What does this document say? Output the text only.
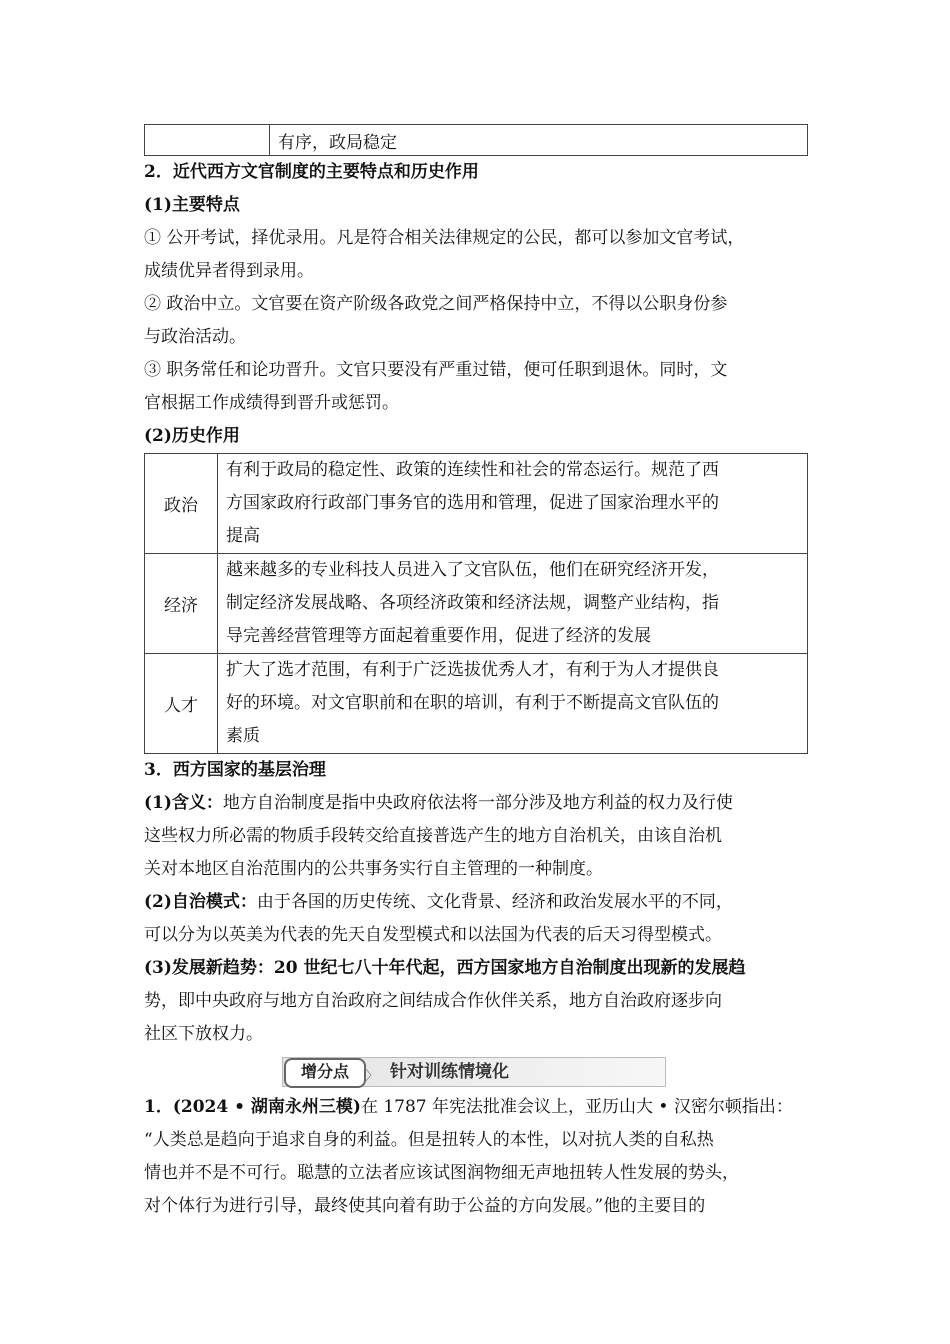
	有序，政局稳定
2．近代西方文官制度的主要特点和历史作用
(1)主要特点
① 公开考试，择优录用。凡是符合相关法律规定的公民，都可以参加文官考试，
成绩优异者得到录用。
② 政治中立。文官要在资产阶级各政党之间严格保持中立，不得以公职身份参
与政治活动。
③ 职务常任和论功晋升。文官只要没有严重过错，便可任职到退休。同时，文
官根据工作成绩得到晋升或惩罚。
(2)历史作用
政治	有利于政局的稳定性、政策的连续性和社会的常态运行。规范了西
方国家政府行政部门事务官的选用和管理，促进了国家治理水平的
提高

经济	越来越多的专业科技人员进入了文官队伍，他们在研究经济开发，
制定经济发展战略、各项经济政策和经济法规，调整产业结构，指
导完善经营管理等方面起着重要作用，促进了经济的发展

人才	扩大了选才范围，有利于广泛选拔优秀人才，有利于为人才提供良
好的环境。对文官职前和在职的培训，有利于不断提高文官队伍的
素质
3．西方国家的基层治理
(1)含义：地方自治制度是指中央政府依法将一部分涉及地方利益的权力及行使
这些权力所必需的物质手段转交给直接普选产生的地方自治机关，由该自治机
关对本地区自治范围内的公共事务实行自主管理的一种制度。
(2)自治模式：由于各国的历史传统、文化背景、经济和政治发展水平的不同，
可以分为以英美为代表的先天自发型模式和以法国为代表的后天习得型模式。
(3)发展新趋势：20 世纪七八十年代起，西方国家地方自治制度出现新的发展趋
势，即中央政府与地方自治政府之间结成合作伙伴关系，地方自治政府逐步向
社区下放权力。
增分点 〉 针对训练情境化
1．(2024 • 湖南永州三模)在 1787 年宪法批准会议上，亚历山大 • 汉密尔顿指出：
“人类总是趋向于追求自身的利益。但是扭转人的本性，以对抗人类的自私热
情也并不是不可行。聪慧的立法者应该试图润物细无声地扭转人性发展的势头，
对个体行为进行引导，最终使其向着有助于公益的方向发展。”他的主要目的
